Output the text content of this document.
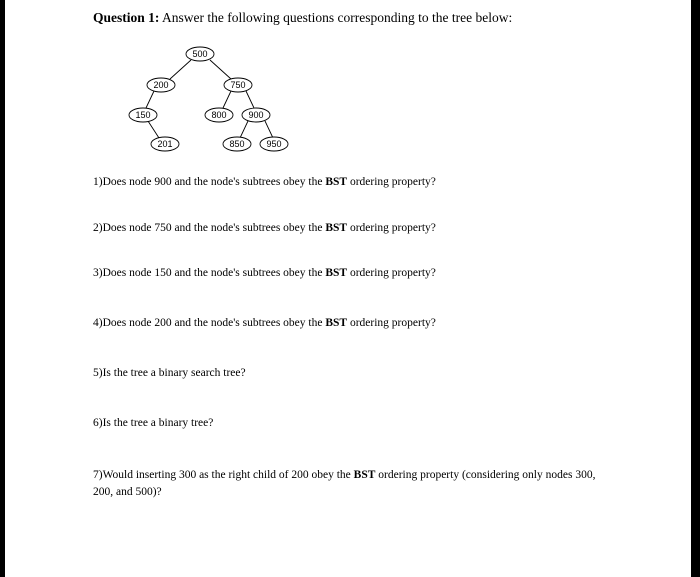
Question 1: Answer the following questions corresponding to the tree below:
500
200	750
150	800 900
201	850 950
1)Does node 900 and the node's subtrees obey the BST ordering property?
2)Does node 750 and the node's subtrees obey the BST ordering property?
3)Does node 150 and the node's subtrees obey the BST ordering property?
4)Does node 200 and the node's subtrees obey the BST ordering property?
5)Is the tree a binary search tree?
6)Is the tree a binary tree?
7)Would inserting 300 as the right child of 200 obey the BST ordering property (considering only nodes 300, 200, and 500)?
